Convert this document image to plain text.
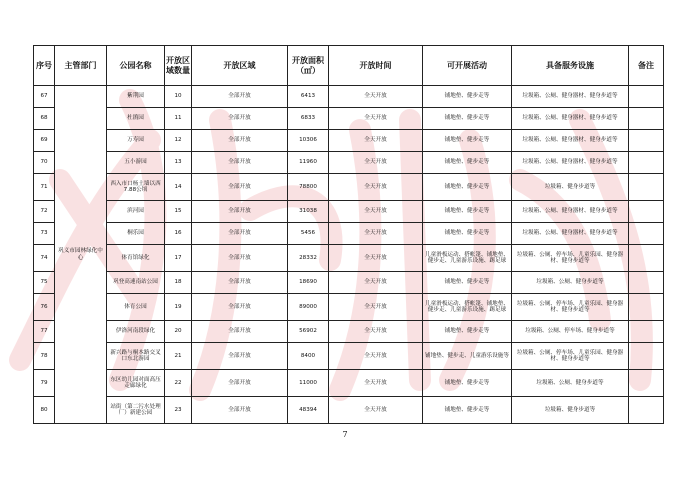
序号	主管部门	公园名称	开放区域数量	开放区域	开放面积（㎡）	开放时间	可开展活动	具备服务设施	备注
67	巩义市园林绿化中心	紫荆园	10	全部开放	6413	全天开放	铺地垫、健步走等	垃圾箱、公厕、健身器材、健身步道等	
68		杜鹃园	11	全部开放	6833	全天开放	铺地垫、健步走等	垃圾箱、公厕、健身器材、健身步道等	
69		万寿园	12	全部开放	10306	全天开放	铺地垫、健步走等	垃圾箱、公厕、健身器材、健身步道等	
70		五小游园	13	全部开放	11960	全天开放	铺地垫、健步走等	垃圾箱、公厕、健身器材、健身步道等	
71		西入市口杨土墙以西7.88公顷	14	全部开放	78800	全天开放	铺地垫、健步走等	垃圾箱、健身步道等	
72		滨河园	15	全部开放	31038	全天开放	铺地垫、健步走等	垃圾箱、公厕、健身器材、健身步道等	
73		桐乐园	16	全部开放	5456	全天开放	铺地垫、健步走等	垃圾箱、公厕、健身器材、健身步道等	
74		体育馆绿化	17	全部开放	28332	全天开放	儿童滑板运动、搭帐篷、铺地垫、健步走、儿童游乐设施、踢足球	垃圾箱、公厕、停车场、儿童乐园、健身器材、健身步道等	
75		巩登高速南站公园	18	全部开放	18690	全天开放	铺地垫、健步走等	垃圾箱、公厕、健身步道等	
76		体育公园	19	全部开放	89000	全天开放	儿童滑板运动、搭帐篷、铺地垫、健步走、儿童游乐设施、踢足球	垃圾箱、公厕、停车场、儿童乐园、健身器材、健身步道等	
77		伊洛河南段绿化	20	全部开放	56902	全天开放	铺地垫、健步走等	垃圾箱、公厕、停车场、健身步道等	
78		新兴路与桐本路交叉口东北游园	21	全部开放	8400	全天开放	铺地垫、健步走、儿童游乐设施等	垃圾箱、公厕、停车场、儿童乐园、健身器材、健身步道等	
79		东区幼儿园对面高压走廊绿化	22	全部开放	11000	全天开放	铺地垫、健步走等	垃圾箱、公厕、健身步道等	
80		站街（第二污水处理厂）新建公园	23	全部开放	48394	全天开放	铺地垫、健步走等	垃圾箱、健身步道等	
7
